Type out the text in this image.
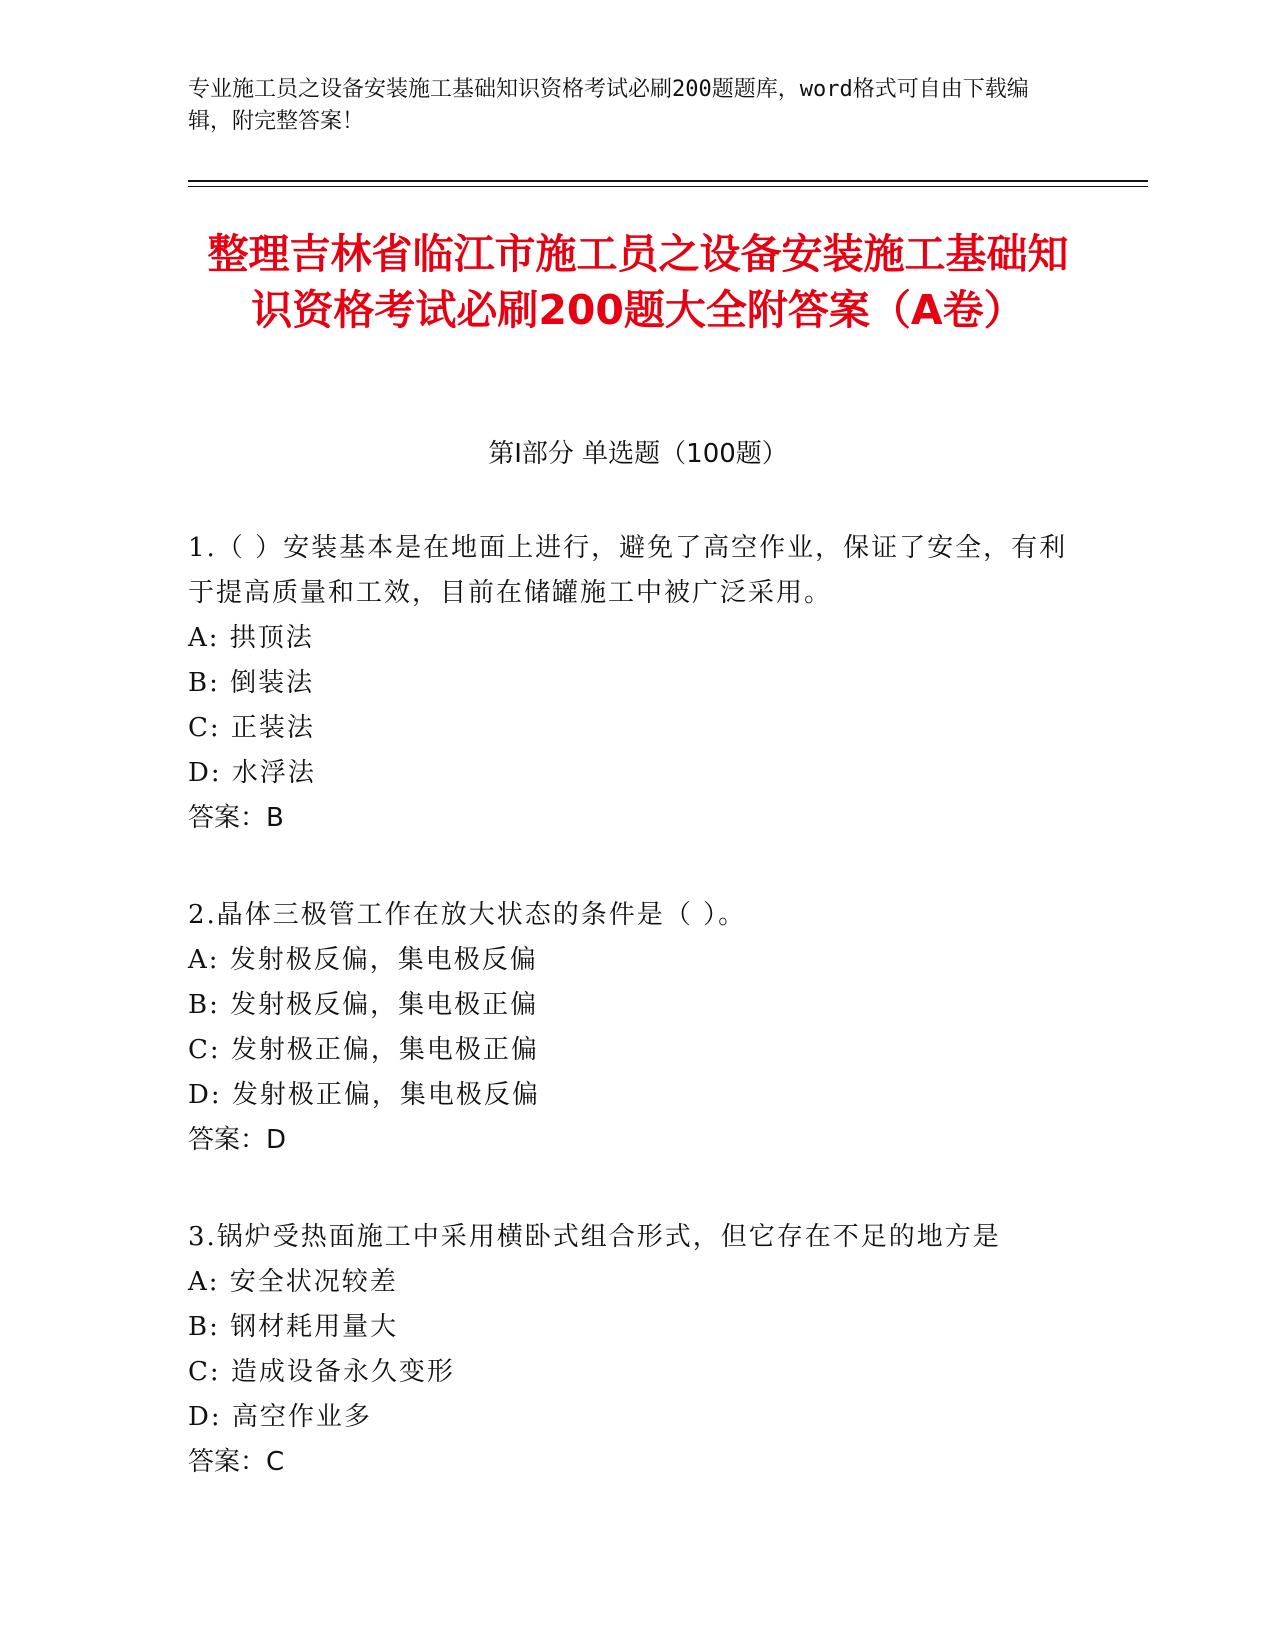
专业施工员之设备安装施工基础知识资格考试必刷200题题库，word格式可自由下载编辑，附完整答案！
整理吉林省临江市施工员之设备安装施工基础知识资格考试必刷200题大全附答案（A卷）
第Ⅰ部分 单选题（100题）
1.（ ）安装基本是在地面上进行，避免了高空作业，保证了安全，有利于提高质量和工效，目前在储罐施工中被广泛采用。
A: 拱顶法
B: 倒装法
C: 正装法
D: 水浮法
答案：B
2.晶体三极管工作在放大状态的条件是（ ）。
A: 发射极反偏，集电极反偏
B: 发射极反偏，集电极正偏
C: 发射极正偏，集电极正偏
D: 发射极正偏，集电极反偏
答案：D
3.锅炉受热面施工中采用横卧式组合形式，但它存在不足的地方是
A: 安全状况较差
B: 钢材耗用量大
C: 造成设备永久变形
D: 高空作业多
答案：C
